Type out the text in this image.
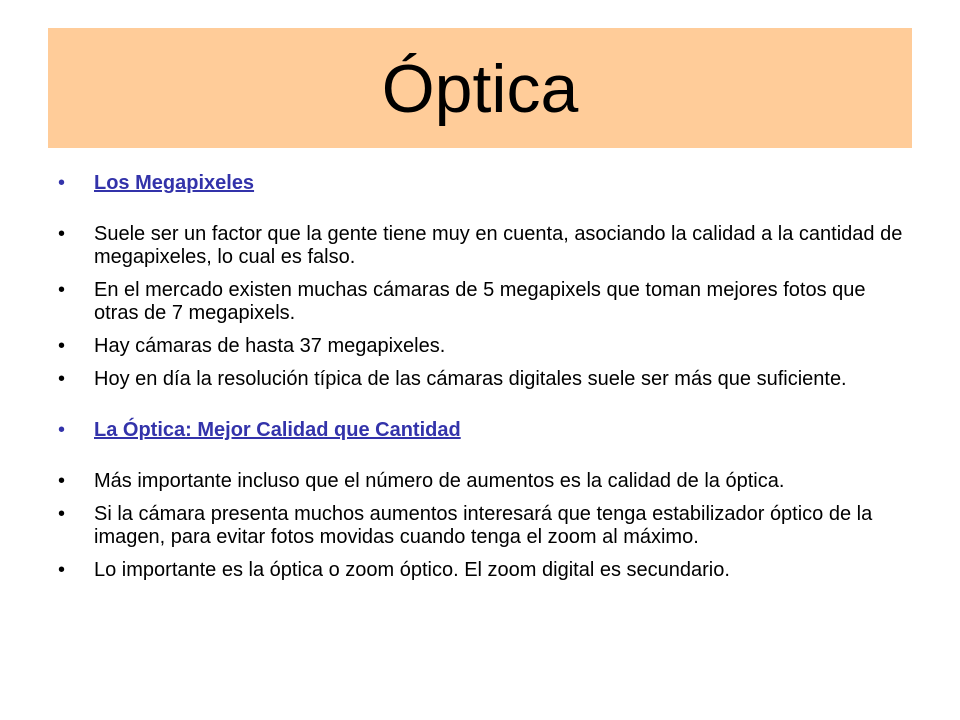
Óptica
•	Los Megapixeles
•	Suele ser un factor que la gente tiene muy en cuenta, asociando la calidad a la cantidad de megapixeles, lo cual es falso.
•	En el mercado existen muchas cámaras de 5 megapixels que toman mejores fotos que otras de 7 megapixels.
•	Hay cámaras de hasta 37 megapixeles.
•	Hoy en día la resolución típica de las cámaras digitales suele ser más que suficiente.
•	La Óptica: Mejor Calidad que Cantidad
•	Más importante incluso que el número de aumentos es la calidad de la óptica.
•	Si la cámara presenta muchos aumentos interesará que tenga estabilizador óptico de la imagen, para evitar fotos movidas cuando tenga el zoom al máximo.
•	Lo importante es la óptica o zoom óptico. El zoom digital es secundario.
